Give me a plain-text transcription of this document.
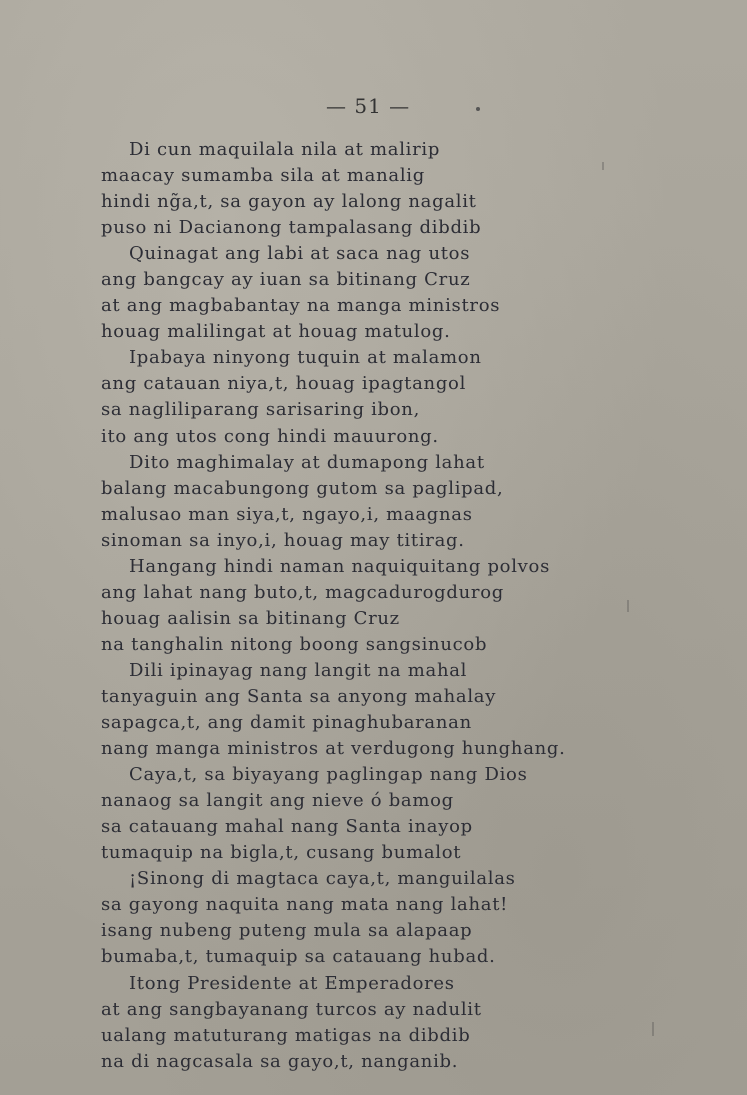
— 51 —
Di cun maquilala nila at malirip
maacay sumamba sila at manalig
hindi ng̃a,t, sa gayon ay lalong nagalit
puso ni Dacianong tampalasang dibdib
Quinagat ang labi at saca nag utos
ang bangcay ay iuan sa bitinang Cruz
at ang magbabantay na manga ministros
houag malilingat at houag matulog.
Ipabaya ninyong tuquin at malamon
ang catauan niya,t, houag ipagtangol
sa nagliliparang sarisaring ibon,
ito ang utos cong hindi mauurong.
Dito maghimalay at dumapong lahat
balang macabungong gutom sa paglipad,
malusao man siya,t, ngayo,i, maagnas
sinoman sa inyo,i, houag may titirag.
Hangang hindi naman naquiquitang polvos
ang lahat nang buto,t, magcadurogdurog
houag aalisin sa bitinang Cruz
na tanghalin nitong boong sangsinucob
Dili ipinayag nang langit na mahal
tanyaguin ang Santa sa anyong mahalay
sapagca,t, ang damit pinaghubaranan
nang manga ministros at verdugong hunghang.
Caya,t, sa biyayang paglingap nang Dios
nanaog sa langit ang nieve ó bamog
sa catauang mahal nang Santa inayop
tumaquip na bigla,t, cusang bumalot
¡Sinong di magtaca caya,t, manguilalas
sa gayong naquita nang mata nang lahat!
isang nubeng puteng mula sa alapaap
bumaba,t, tumaquip sa catauang hubad.
Itong Presidente at Emperadores
at ang sangbayanang turcos ay nadulit
ualang matuturang matigas na dibdib
na di nagcasala sa gayo,t, nanganib.
